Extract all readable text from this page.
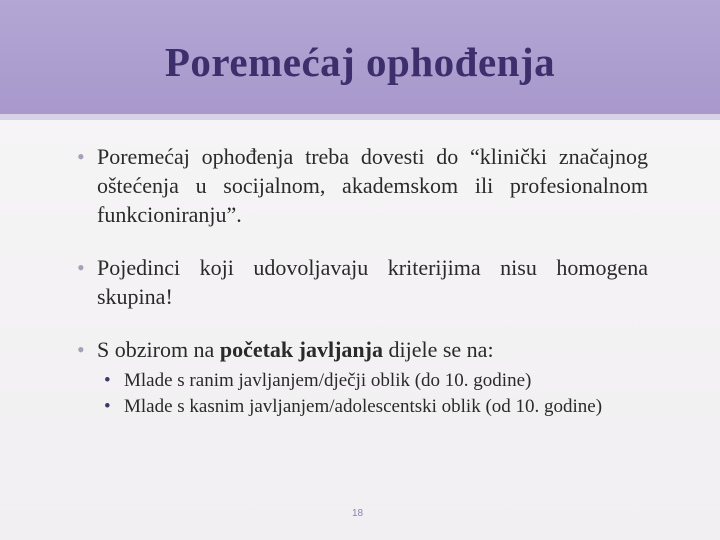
Poremećaj ophođenja
• Poremećaj ophođenja treba dovesti do “klinički značajnog oštećenja u socijalnom, akademskom ili profesionalnom funkcioniranju”.
• Pojedinci koji udovoljavaju kriterijima nisu homogena skupina!
• S obzirom na početak javljanja dijele se na:
• Mlade s ranim javljanjem/dječji oblik (do 10. godine)
• Mlade s kasnim javljanjem/adolescentski oblik (od 10. godine)
18
